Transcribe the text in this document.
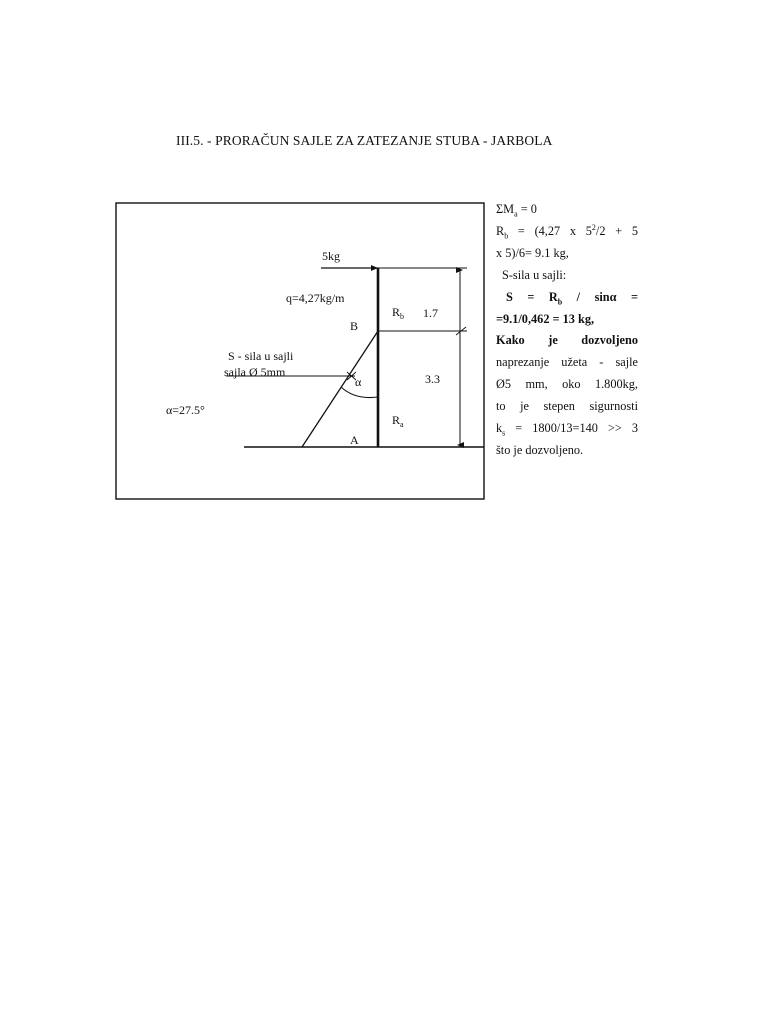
III.5. - PRORAČUN SAJLE ZA ZATEZANJE STUBA - JARBOLA
5kg
q=4,27kg/m
B
A
$R_b$
$R_a$
1.7
3.3
α
α=27.5°
S - sila u sajli
sajla Ø 5mm
$\Sigma M_a = 0$
$R_b = (4,27$ x $5^2/2 + 5$
x 5)/6= 9.1 kg,
S-sila u sajli:
$S = R_b / \sin\alpha$ =
=9.1/0,462 = 13 kg,
Kako je dozvoljeno
naprezanje užeta - sajle
Ø5 mm, oko 1.800kg,
to je stepen sigurnosti
$k_s = 1800/13=140 >> 3$
što je dozvoljeno.
